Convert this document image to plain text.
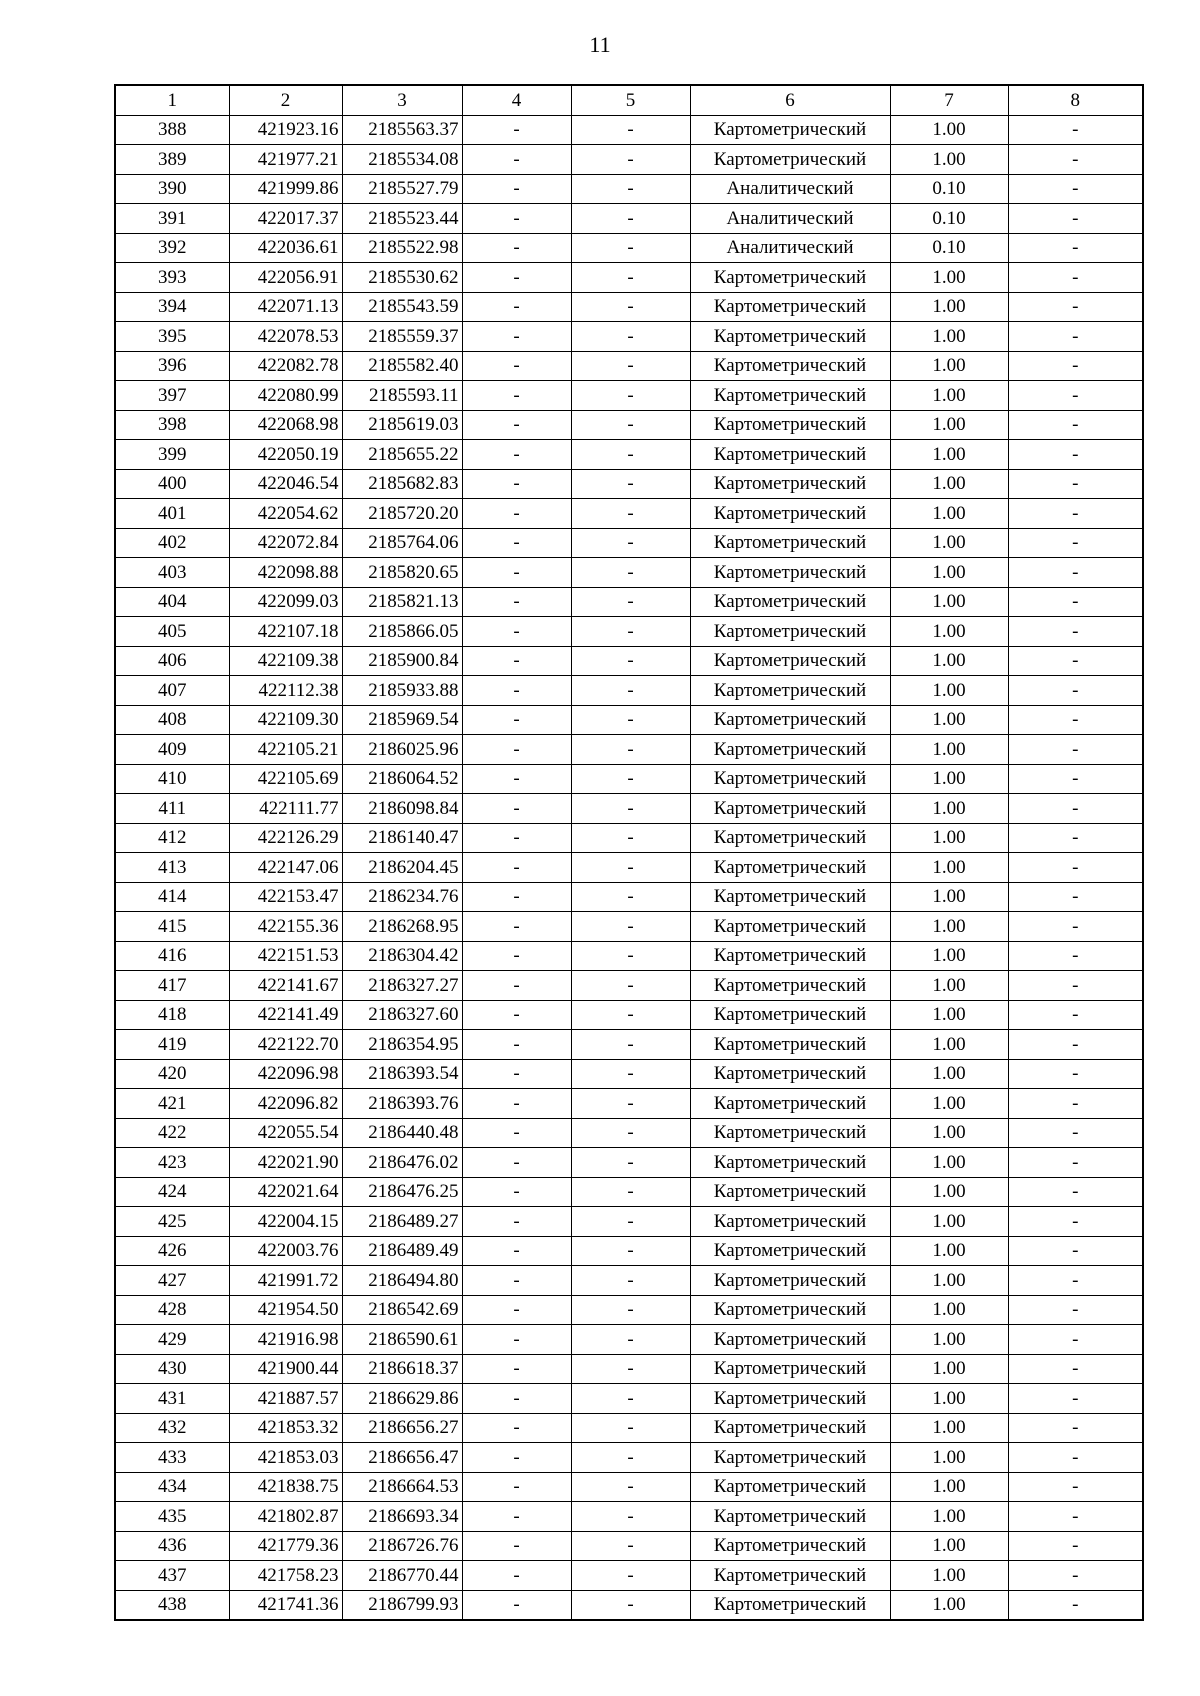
11
1	2	3	4	5	6	7	8
388	421923.16	2185563.37	-	-	Картометрический	1.00	-
389	421977.21	2185534.08	-	-	Картометрический	1.00	-
390	421999.86	2185527.79	-	-	Аналитический	0.10	-
391	422017.37	2185523.44	-	-	Аналитический	0.10	-
392	422036.61	2185522.98	-	-	Аналитический	0.10	-
393	422056.91	2185530.62	-	-	Картометрический	1.00	-
394	422071.13	2185543.59	-	-	Картометрический	1.00	-
395	422078.53	2185559.37	-	-	Картометрический	1.00	-
396	422082.78	2185582.40	-	-	Картометрический	1.00	-
397	422080.99	2185593.11	-	-	Картометрический	1.00	-
398	422068.98	2185619.03	-	-	Картометрический	1.00	-
399	422050.19	2185655.22	-	-	Картометрический	1.00	-
400	422046.54	2185682.83	-	-	Картометрический	1.00	-
401	422054.62	2185720.20	-	-	Картометрический	1.00	-
402	422072.84	2185764.06	-	-	Картометрический	1.00	-
403	422098.88	2185820.65	-	-	Картометрический	1.00	-
404	422099.03	2185821.13	-	-	Картометрический	1.00	-
405	422107.18	2185866.05	-	-	Картометрический	1.00	-
406	422109.38	2185900.84	-	-	Картометрический	1.00	-
407	422112.38	2185933.88	-	-	Картометрический	1.00	-
408	422109.30	2185969.54	-	-	Картометрический	1.00	-
409	422105.21	2186025.96	-	-	Картометрический	1.00	-
410	422105.69	2186064.52	-	-	Картометрический	1.00	-
411	422111.77	2186098.84	-	-	Картометрический	1.00	-
412	422126.29	2186140.47	-	-	Картометрический	1.00	-
413	422147.06	2186204.45	-	-	Картометрический	1.00	-
414	422153.47	2186234.76	-	-	Картометрический	1.00	-
415	422155.36	2186268.95	-	-	Картометрический	1.00	-
416	422151.53	2186304.42	-	-	Картометрический	1.00	-
417	422141.67	2186327.27	-	-	Картометрический	1.00	-
418	422141.49	2186327.60	-	-	Картометрический	1.00	-
419	422122.70	2186354.95	-	-	Картометрический	1.00	-
420	422096.98	2186393.54	-	-	Картометрический	1.00	-
421	422096.82	2186393.76	-	-	Картометрический	1.00	-
422	422055.54	2186440.48	-	-	Картометрический	1.00	-
423	422021.90	2186476.02	-	-	Картометрический	1.00	-
424	422021.64	2186476.25	-	-	Картометрический	1.00	-
425	422004.15	2186489.27	-	-	Картометрический	1.00	-
426	422003.76	2186489.49	-	-	Картометрический	1.00	-
427	421991.72	2186494.80	-	-	Картометрический	1.00	-
428	421954.50	2186542.69	-	-	Картометрический	1.00	-
429	421916.98	2186590.61	-	-	Картометрический	1.00	-
430	421900.44	2186618.37	-	-	Картометрический	1.00	-
431	421887.57	2186629.86	-	-	Картометрический	1.00	-
432	421853.32	2186656.27	-	-	Картометрический	1.00	-
433	421853.03	2186656.47	-	-	Картометрический	1.00	-
434	421838.75	2186664.53	-	-	Картометрический	1.00	-
435	421802.87	2186693.34	-	-	Картометрический	1.00	-
436	421779.36	2186726.76	-	-	Картометрический	1.00	-
437	421758.23	2186770.44	-	-	Картометрический	1.00	-
438	421741.36	2186799.93	-	-	Картометрический	1.00	-
